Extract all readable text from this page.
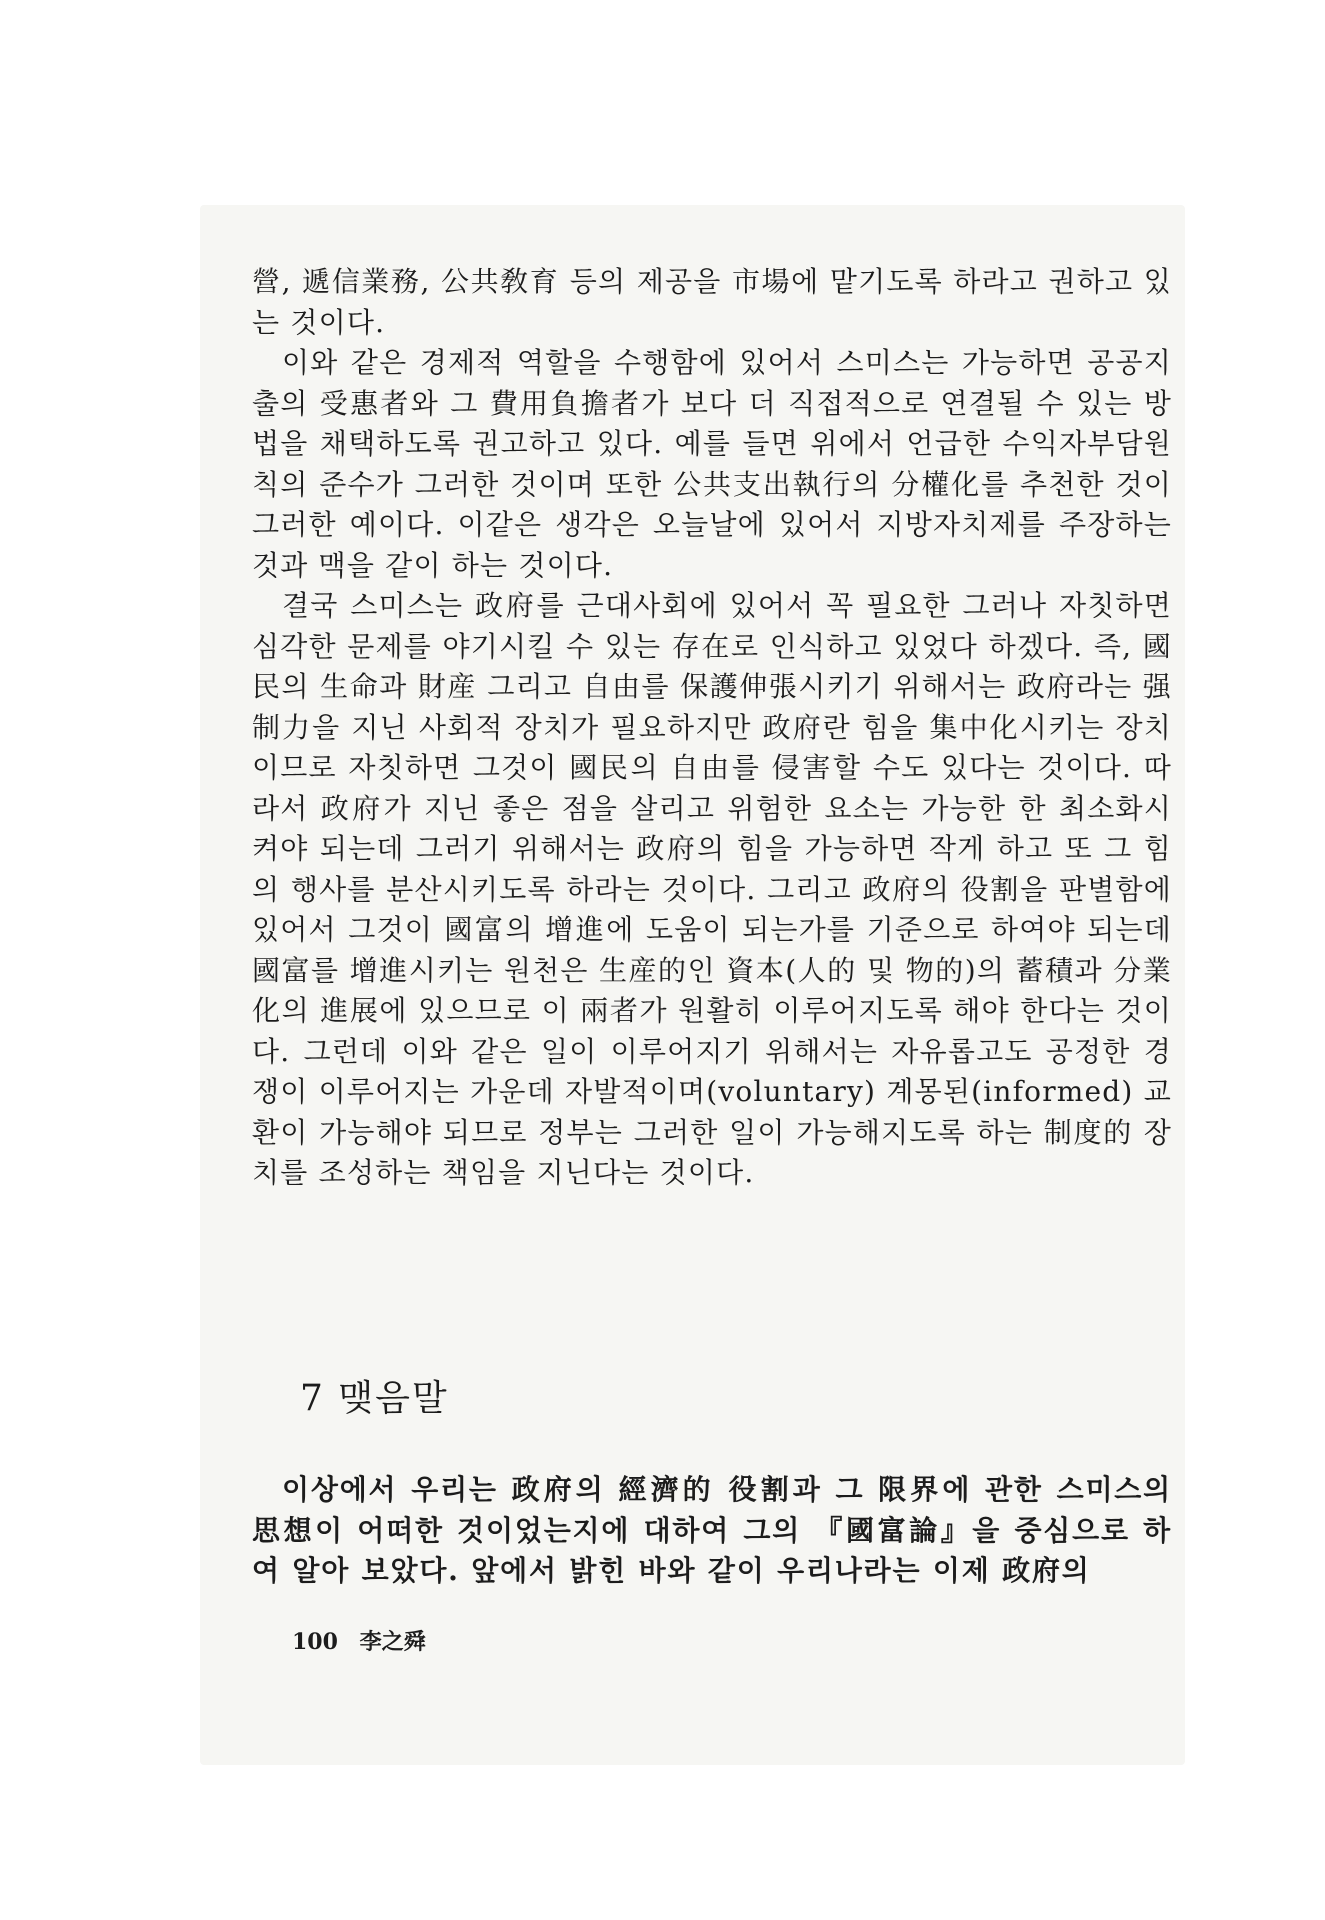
營, 遞信業務, 公共敎育 등의 제공을 市場에 맡기도록 하라고 권하고 있는 것이다.

이와 같은 경제적 역할을 수행함에 있어서 스미스는 가능하면 공공지출의 受惠者와 그 費用負擔者가 보다 더 직접적으로 연결될 수 있는 방법을 채택하도록 권고하고 있다. 예를 들면 위에서 언급한 수익자부담원칙의 준수가 그러한 것이며 또한 公共支出執行의 分權化를 추천한 것이 그러한 예이다. 이같은 생각은 오늘날에 있어서 지방자치제를 주장하는 것과 맥을 같이 하는 것이다.

결국 스미스는 政府를 근대사회에 있어서 꼭 필요한 그러나 자칫하면 심각한 문제를 야기시킬 수 있는 存在로 인식하고 있었다 하겠다. 즉, 國民의 生命과 財産 그리고 自由를 保護伸張시키기 위해서는 政府라는 强制力을 지닌 사회적 장치가 필요하지만 政府란 힘을 集中化시키는 장치이므로 자칫하면 그것이 國民의 自由를 侵害할 수도 있다는 것이다. 따라서 政府가 지닌 좋은 점을 살리고 위험한 요소는 가능한 한 최소화시켜야 되는데 그러기 위해서는 政府의 힘을 가능하면 작게 하고 또 그 힘의 행사를 분산시키도록 하라는 것이다. 그리고 政府의 役割을 판별함에 있어서 그것이 國富의 增進에 도움이 되는가를 기준으로 하여야 되는데 國富를 增進시키는 원천은 生産的인 資本(人的 및 物的)의 蓄積과 分業化의 進展에 있으므로 이 兩者가 원활히 이루어지도록 해야 한다는 것이다. 그런데 이와 같은 일이 이루어지기 위해서는 자유롭고도 공정한 경쟁이 이루어지는 가운데 자발적이며(voluntary) 계몽된(informed) 교환이 가능해야 되므로 정부는 그러한 일이 가능해지도록 하는 制度的 장치를 조성하는 책임을 지닌다는 것이다.

7 맺음말

이상에서 우리는 政府의 經濟的 役割과 그 限界에 관한 스미스의 思想이 어떠한 것이었는지에 대하여 그의 『國富論』을 중심으로 하여 알아 보았다. 앞에서 밝힌 바와 같이 우리나라는 이제 政府의

100 李之舜
